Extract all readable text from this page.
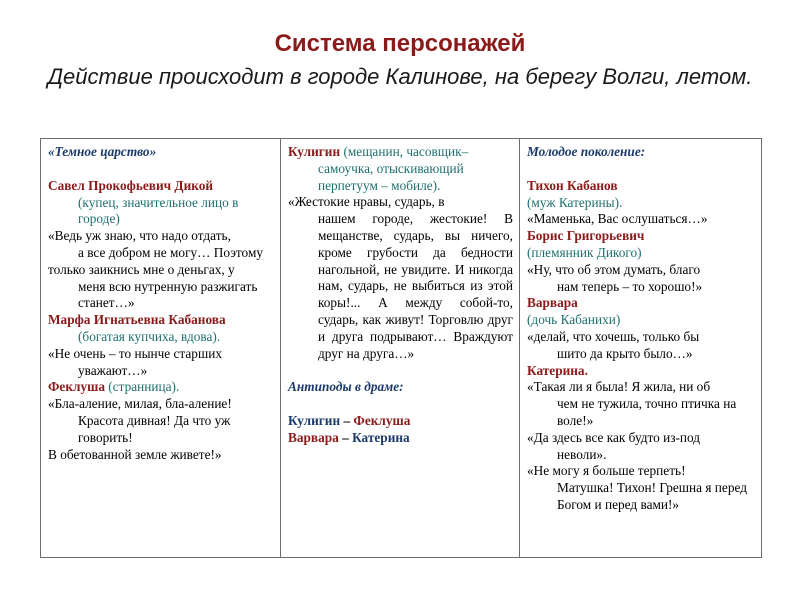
Система персонажей
Действие происходит в городе Калинове, на берегу Волги, летом.

«Темное царство»

Савел Прокофьевич Дикой

(купец, значительное лицо в городе)

«Ведь уж знаю, что надо отдать,

а все добром не могу… Поэтому

только заикнись мне о деньгах, у

меня всю нутренную разжигать станет…»

Марфа Игнатьевна Кабанова

(богатая купчиха, вдова).

«Не очень – то нынче старших

уважают…»

Феклуша (странница).

«Бла-аление, милая, бла-аление!

Красота дивная! Да что уж говорить!

В обетованной земле живете!»

Кулигин (мещанин, часовщик–

самоучка, отыскивающий перпетуум – мобиле).

«Жестокие нравы, сударь, в

нашем городе, жестокие! В мещанстве, сударь, вы ничего, кроме грубости да бедности нагольной, не увидите. И никогда нам, сударь, не выбиться из этой коры!... А между собой-то, сударь, как живут! Торговлю друг и друга подрывают… Враждуют друг на друга…»

Антиподы в драме:

Кулигин – Феклуша

Варвара – Катерина

Молодое поколение:

Тихон Кабанов

(муж Катерины).

«Маменька, Вас ослушаться…»

Борис Григорьевич

(племянник Дикого)

«Ну, что об этом думать, благо

нам теперь – то хорошо!»

Варвара

(дочь Кабанихи)

«делай, что хочешь, только бы

шито да крыто было…»

Катерина.

«Такая ли я была! Я жила, ни об

чем не тужила, точно птичка на воле!»

«Да здесь все как будто из-под

неволи».

«Не могу я больше терпеть!

Матушка! Тихон! Грешна я перед Богом и перед вами!»
